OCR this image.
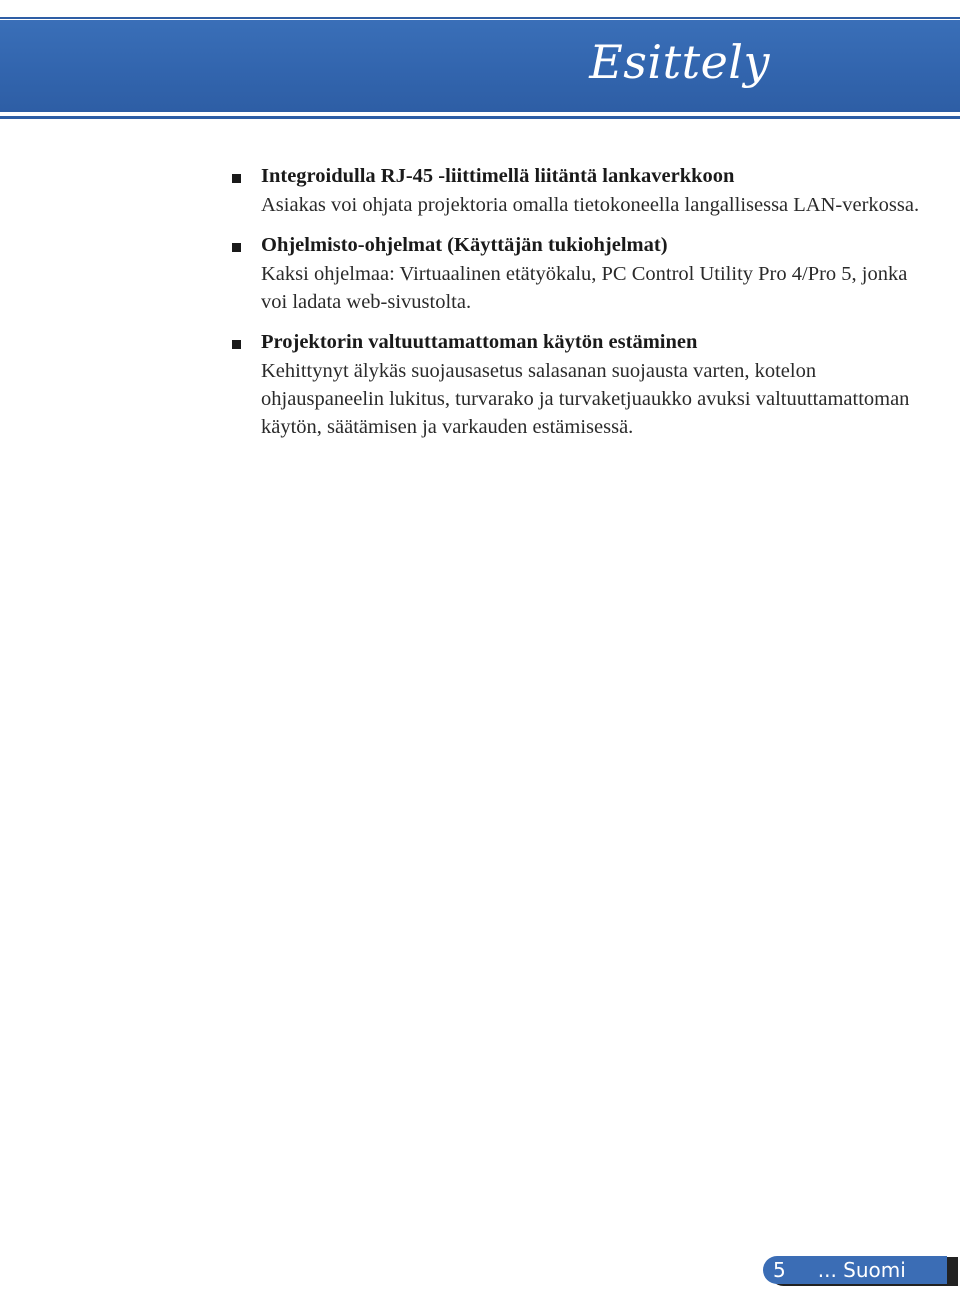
Esittely
Integroidulla RJ-45 -liittimellä liitäntä lankaverkkoon
Asiakas voi ohjata projektoria omalla tietokoneella langallisessa LAN-verkossa.
Ohjelmisto-ohjelmat (Käyttäjän tukiohjelmat)
Kaksi ohjelmaa: Virtuaalinen etätyökalu, PC Control Utility Pro 4/Pro 5, jonka voi ladata web-sivustolta.
Projektorin valtuuttamattoman käytön estäminen
Kehittynyt älykäs suojausasetus salasanan suojausta varten, kotelon ohjauspaneelin lukitus, turvarako ja turvaketjuaukko avuksi valtuuttamattoman käytön, säätämisen ja varkauden estämisessä.
5 ... Suomi
